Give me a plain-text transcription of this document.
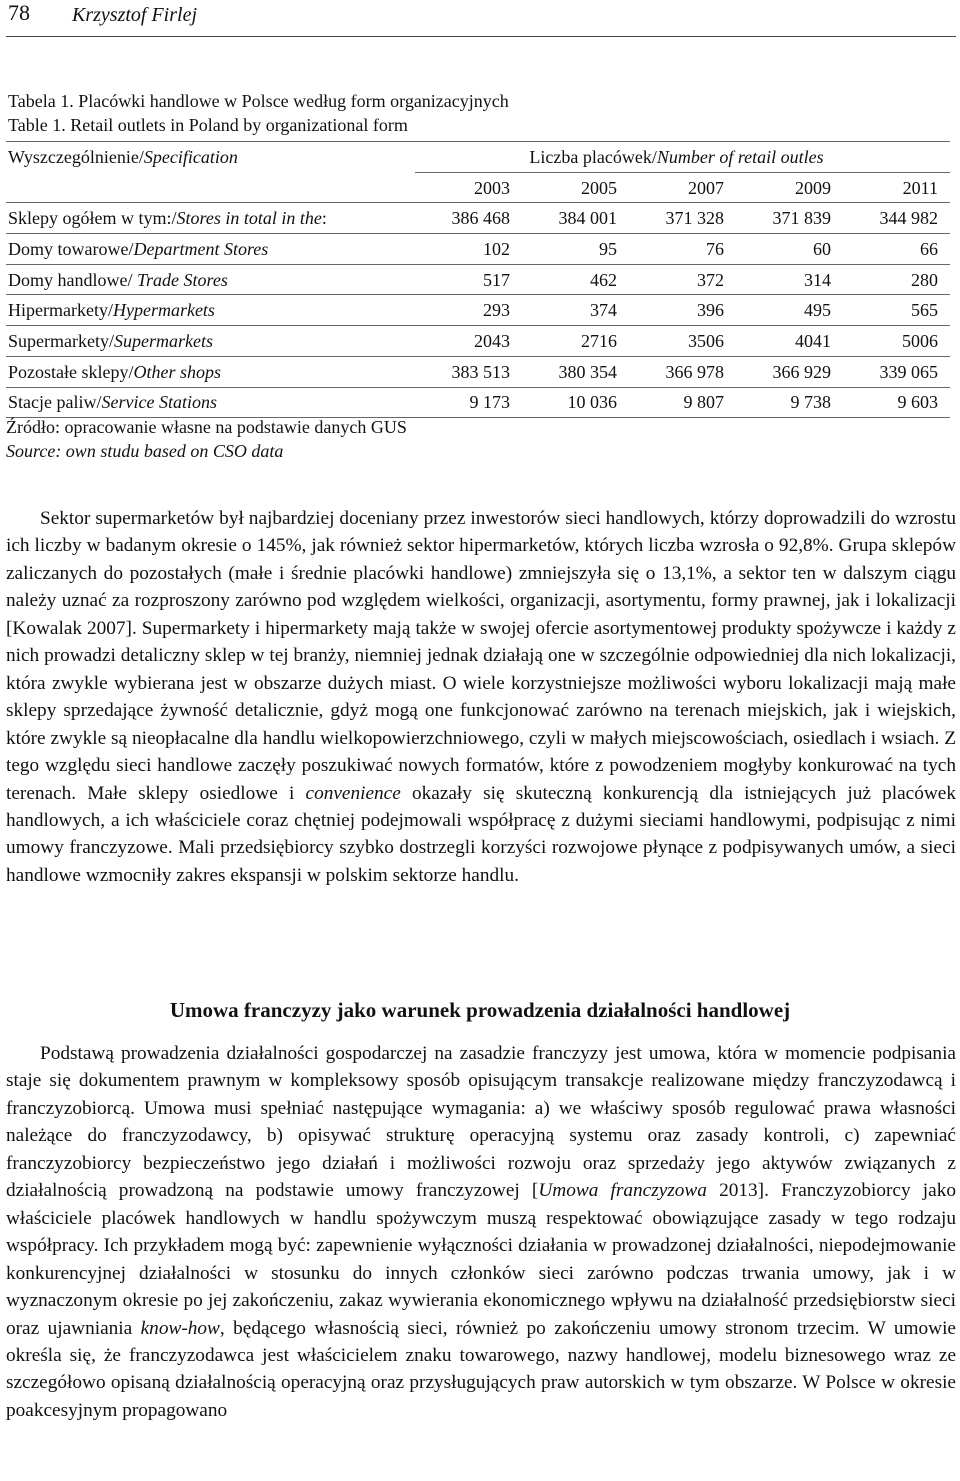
78 Krzysztof Firlej
Tabela 1. Placówki handlowe w Polsce według form organizacyjnych
Table 1. Retail outlets in Poland by organizational form
Wyszczególnienie/Specification	Liczba placówek/Number of retail outles				
	2003	2005	2007	2009	2011
Sklepy ogółem w tym:/Stores in total in the:	386 468	384 001	371 328	371 839	344 982
Domy towarowe/Department Stores	102	95	76	60	66
Domy handlowe/ Trade Stores	517	462	372	314	280
Hipermarkety/Hypermarkets	293	374	396	495	565
Supermarkety/Supermarkets	2043	2716	3506	4041	5006
Pozostałe sklepy/Other shops	383 513	380 354	366 978	366 929	339 065
Stacje paliw/Service Stations	9 173	10 036	9 807	9 738	9 603
Źródło: opracowanie własne na podstawie danych GUS
Source: own studu based on CSO data

Sektor supermarketów był najbardziej doceniany przez inwestorów sieci handlowych, którzy doprowadzili do wzrostu ich liczby w badanym okresie o 145%, jak również sektor hipermarketów, których liczba wzrosła o 92,8%. Grupa sklepów zaliczanych do pozostałych (małe i średnie placówki handlowe) zmniejszyła się o 13,1%, a sektor ten w dalszym ciągu należy uznać za rozproszony zarówno pod względem wielkości, organizacji, asortymentu, formy prawnej, jak i lokalizacji [Kowalak 2007]. Supermarkety i hipermarkety mają także w swojej ofercie asortymentowej produkty spożywcze i każdy z nich prowadzi detaliczny sklep w tej branży, niemniej jednak działają one w szczególnie odpowiedniej dla nich lokalizacji, która zwykle wybierana jest w obszarze dużych miast. O wiele korzystniejsze możliwości wyboru lokalizacji mają małe sklepy sprzedające żywność detalicznie, gdyż mogą one funkcjonować zarówno na terenach miejskich, jak i wiejskich, które zwykle są nieopłacalne dla handlu wielkopowierzchniowego, czyli w małych miejscowościach, osiedlach i wsiach. Z tego względu sieci handlowe zaczęły poszukiwać nowych formatów, które z powodzeniem mogłyby konkurować na tych terenach. Małe sklepy osiedlowe i convenience okazały się skuteczną konkurencją dla istniejących już placówek handlowych, a ich właściciele coraz chętniej podejmowali współpracę z dużymi sieciami handlowymi, podpisując z nimi umowy franczyzowe. Mali przedsiębiorcy szybko dostrzegli korzyści rozwojowe płynące z podpisywanych umów, a sieci handlowe wzmocniły zakres ekspansji w polskim sektorze handlu.

Umowa franczyzy jako warunek prowadzenia działalności handlowej

Podstawą prowadzenia działalności gospodarczej na zasadzie franczyzy jest umowa, która w momencie podpisania staje się dokumentem prawnym w kompleksowy sposób opisującym transakcje realizowane między franczyzodawcą i franczyzobiorcą. Umowa musi spełniać następujące wymagania: a) we właściwy sposób regulować prawa własności należące do franczyzodawcy, b) opisywać strukturę operacyjną systemu oraz zasady kontroli, c) zapewniać franczyzobiorcy bezpieczeństwo jego działań i możliwości rozwoju oraz sprzedaży jego aktywów związanych z działalnością prowadzoną na podstawie umowy franczyzowej [Umowa franczyzowa 2013]. Franczyzobiorcy jako właściciele placówek handlowych w handlu spożywczym muszą respektować obowiązujące zasady w tego rodzaju współpracy. Ich przykładem mogą być: zapewnienie wyłączności działania w prowadzonej działalności, niepodejmowanie konkurencyjnej działalności w stosunku do innych członków sieci zarówno podczas trwania umowy, jak i w wyznaczonym okresie po jej zakończeniu, zakaz wywierania ekonomicznego wpływu na działalność przedsiębiorstw sieci oraz ujawniania know-how, będącego własnością sieci, również po zakończeniu umowy stronom trzecim. W umowie określa się, że franczyzodawca jest właścicielem znaku towarowego, nazwy handlowej, modelu biznesowego wraz ze szczegółowo opisaną działalnością operacyjną oraz przysługujących praw autorskich w tym obszarze. W Polsce w okresie poakcesyjnym propagowano
